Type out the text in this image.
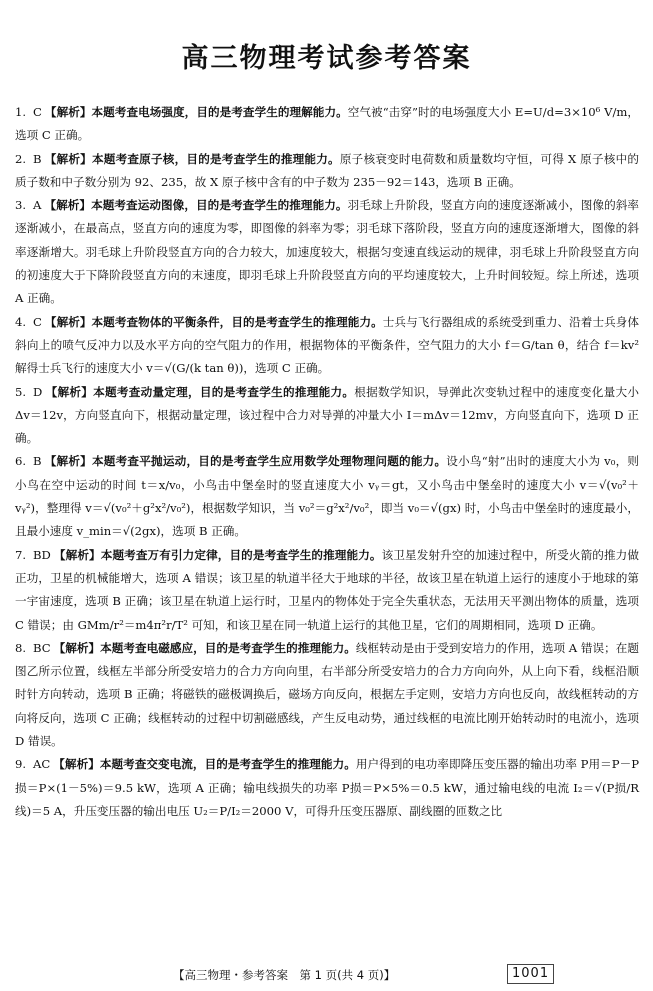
高三物理考试参考答案

1. C 【解析】本题考查电场强度，目的是考查学生的理解能力。空气被“击穿”时的电场强度大小 E=U/d=3×10⁶ V/m，选项 C 正确。

2. B 【解析】本题考查原子核，目的是考查学生的推理能力。原子核衰变时电荷数和质量数均守恒，可得 X 原子核中的质子数和中子数分别为 92、235，故 X 原子核中含有的中子数为 235－92＝143，选项 B 正确。

3. A 【解析】本题考查运动图像，目的是考查学生的推理能力。羽毛球上升阶段，竖直方向的速度逐渐减小，图像的斜率逐渐减小，在最高点，竖直方向的速度为零，即图像的斜率为零；羽毛球下落阶段，竖直方向的速度逐渐增大，图像的斜率逐渐增大。羽毛球上升阶段竖直方向的合力较大，加速度较大，根据匀变速直线运动的规律，羽毛球上升阶段竖直方向的初速度大于下降阶段竖直方向的末速度，即羽毛球上升阶段竖直方向的平均速度较大，上升时间较短。综上所述，选项 A 正确。

4. C 【解析】本题考查物体的平衡条件，目的是考查学生的推理能力。士兵与飞行器组成的系统受到重力、沿着士兵身体斜向上的喷气反冲力以及水平方向的空气阻力的作用，根据物体的平衡条件，空气阻力的大小 f＝G/tan θ，结合 f＝kv² 解得士兵飞行的速度大小 v＝√(G/(k tan θ))，选项 C 正确。

5. D 【解析】本题考查动量定理，目的是考查学生的推理能力。根据数学知识，导弹此次变轨过程中的速度变化量大小 Δv＝12v，方向竖直向下，根据动量定理，该过程中合力对导弹的冲量大小 I＝mΔv＝12mv，方向竖直向下，选项 D 正确。

6. B 【解析】本题考查平抛运动，目的是考查学生应用数学处理物理问题的能力。设小鸟“射”出时的速度大小为 v₀，则小鸟在空中运动的时间 t＝x/v₀，小鸟击中堡垒时的竖直速度大小 vᵧ＝gt，又小鸟击中堡垒时的速度大小 v＝√(v₀²＋vᵧ²)，整理得 v＝√(v₀²＋g²x²/v₀²)，根据数学知识，当 v₀²＝g²x²/v₀²，即当 v₀＝√(gx) 时，小鸟击中堡垒时的速度最小，且最小速度 v_min＝√(2gx)，选项 B 正确。

7. BD 【解析】本题考查万有引力定律，目的是考查学生的推理能力。该卫星发射升空的加速过程中，所受火箭的推力做正功，卫星的机械能增大，选项 A 错误；该卫星的轨道半径大于地球的半径，故该卫星在轨道上运行的速度小于地球的第一宇宙速度，选项 B 正确；该卫星在轨道上运行时，卫星内的物体处于完全失重状态，无法用天平测出物体的质量，选项 C 错误；由 GMm/r²＝m4π²r/T² 可知，和该卫星在同一轨道上运行的其他卫星，它们的周期相同，选项 D 正确。

8. BC 【解析】本题考查电磁感应，目的是考查学生的推理能力。线框转动是由于受到安培力的作用，选项 A 错误；在题图乙所示位置，线框左半部分所受安培力的合力方向向里，右半部分所受安培力的合力方向向外，从上向下看，线框沿顺时针方向转动，选项 B 正确；将磁铁的磁极调换后，磁场方向反向，根据左手定则，安培力方向也反向，故线框转动的方向将反向，选项 C 正确；线框转动的过程中切割磁感线，产生反电动势，通过线框的电流比刚开始转动时的电流小，选项 D 错误。

9. AC 【解析】本题考查交变电流，目的是考查学生的推理能力。用户得到的电功率即降压变压器的输出功率 P用＝P－P损＝P×(1－5%)＝9.5 kW，选项 A 正确；输电线损失的功率 P损＝P×5%＝0.5 kW，通过输电线的电流 I₂＝√(P损/R线)＝5 A，升压变压器的输出电压 U₂＝P/I₂＝2000 V，可得升压变压器原、副线圈的匝数之比

【高三物理・参考答案　第 1 页(共 4 页)】	1001
